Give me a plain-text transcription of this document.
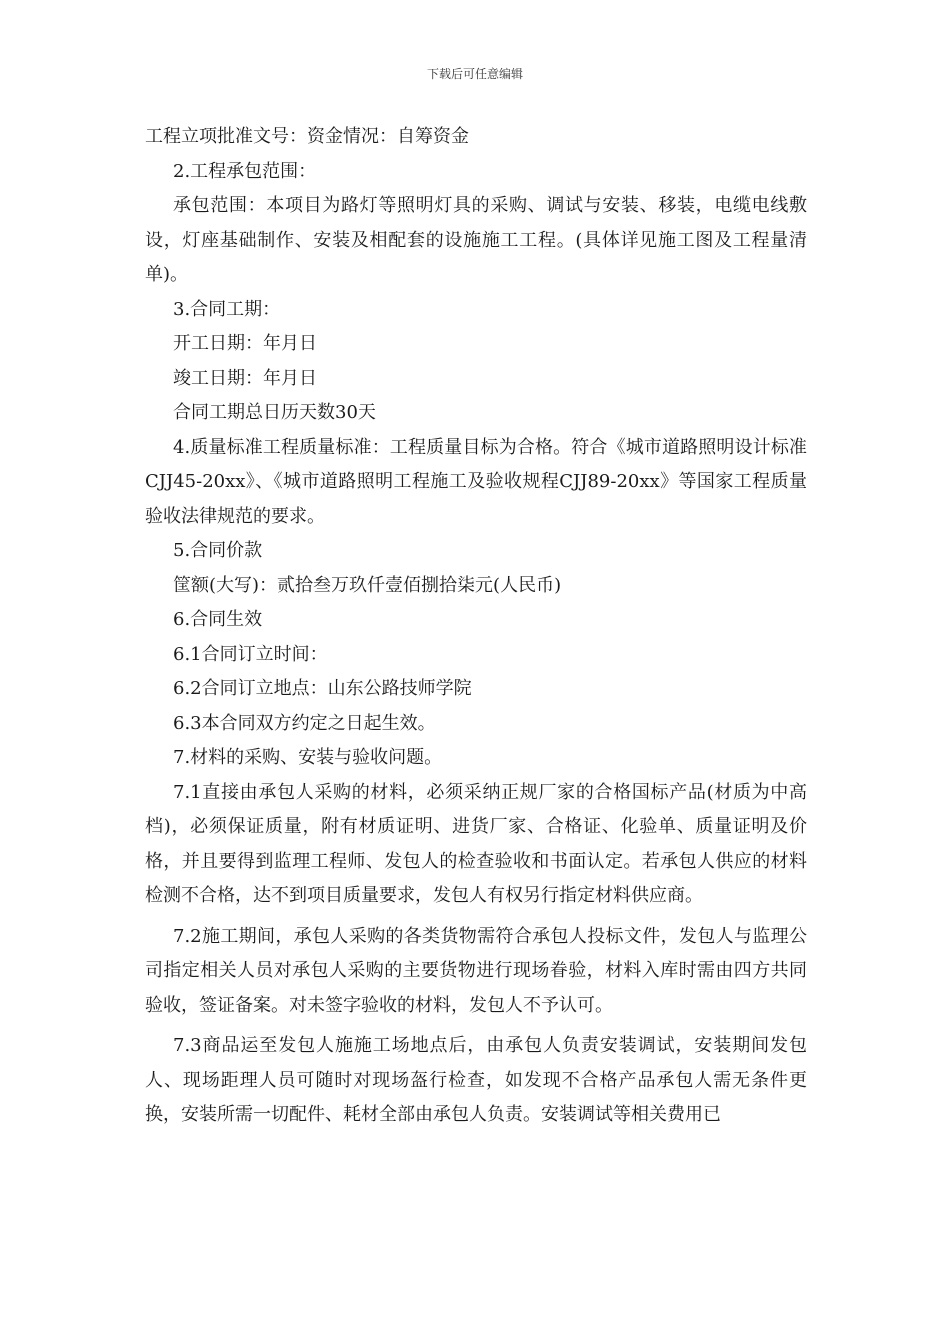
下载后可任意编辑

工程立项批准文号：资金情况：自筹资金

2.工程承包范围：

承包范围：本项目为路灯等照明灯具的采购、调试与安装、移装，电缆电线敷设，灯座基础制作、安装及相配套的设施施工工程。(具体详见施工图及工程量清单)。

3.合同工期：

开工日期：年月日

竣工日期：年月日

合同工期总日历天数30天

4.质量标准工程质量标准：工程质量目标为合格。符合《城市道路照明设计标准CJJ45-20xx》、《城市道路照明工程施工及验收规程CJJ89-20xx》等国家工程质量验收法律规范的要求。

5.合同价款

筐额(大写)：贰拾叁万玖仟壹佰捌拾柒元(人民币)

6.合同生效

6.1合同订立时间：

6.2合同订立地点：山东公路技师学院

6.3本合同双方约定之日起生效。

7.材料的采购、安装与验收问题。

7.1直接由承包人采购的材料，必须采纳正规厂家的合格国标产品(材质为中高档)，必须保证质量，附有材质证明、进货厂家、合格证、化验单、质量证明及价格，并且要得到监理工程师、发包人的检查验收和书面认定。若承包人供应的材料检测不合格，达不到项目质量要求，发包人有权另行指定材料供应商。

7.2施工期间，承包人采购的各类货物需符合承包人投标文件，发包人与监理公司指定相关人员对承包人采购的主要货物进行现场眷验，材料入库时需由四方共同验收，签证备案。对未签字验收的材料，发包人不予认可。

7.3商品运至发包人施施工场地点后，由承包人负责安装调试，安装期间发包人、现场距理人员可随时对现场盔行检查，如发现不合格产品承包人需无条件更换，安装所需一切配件、耗材全部由承包人负责。安装调试等相关费用已
